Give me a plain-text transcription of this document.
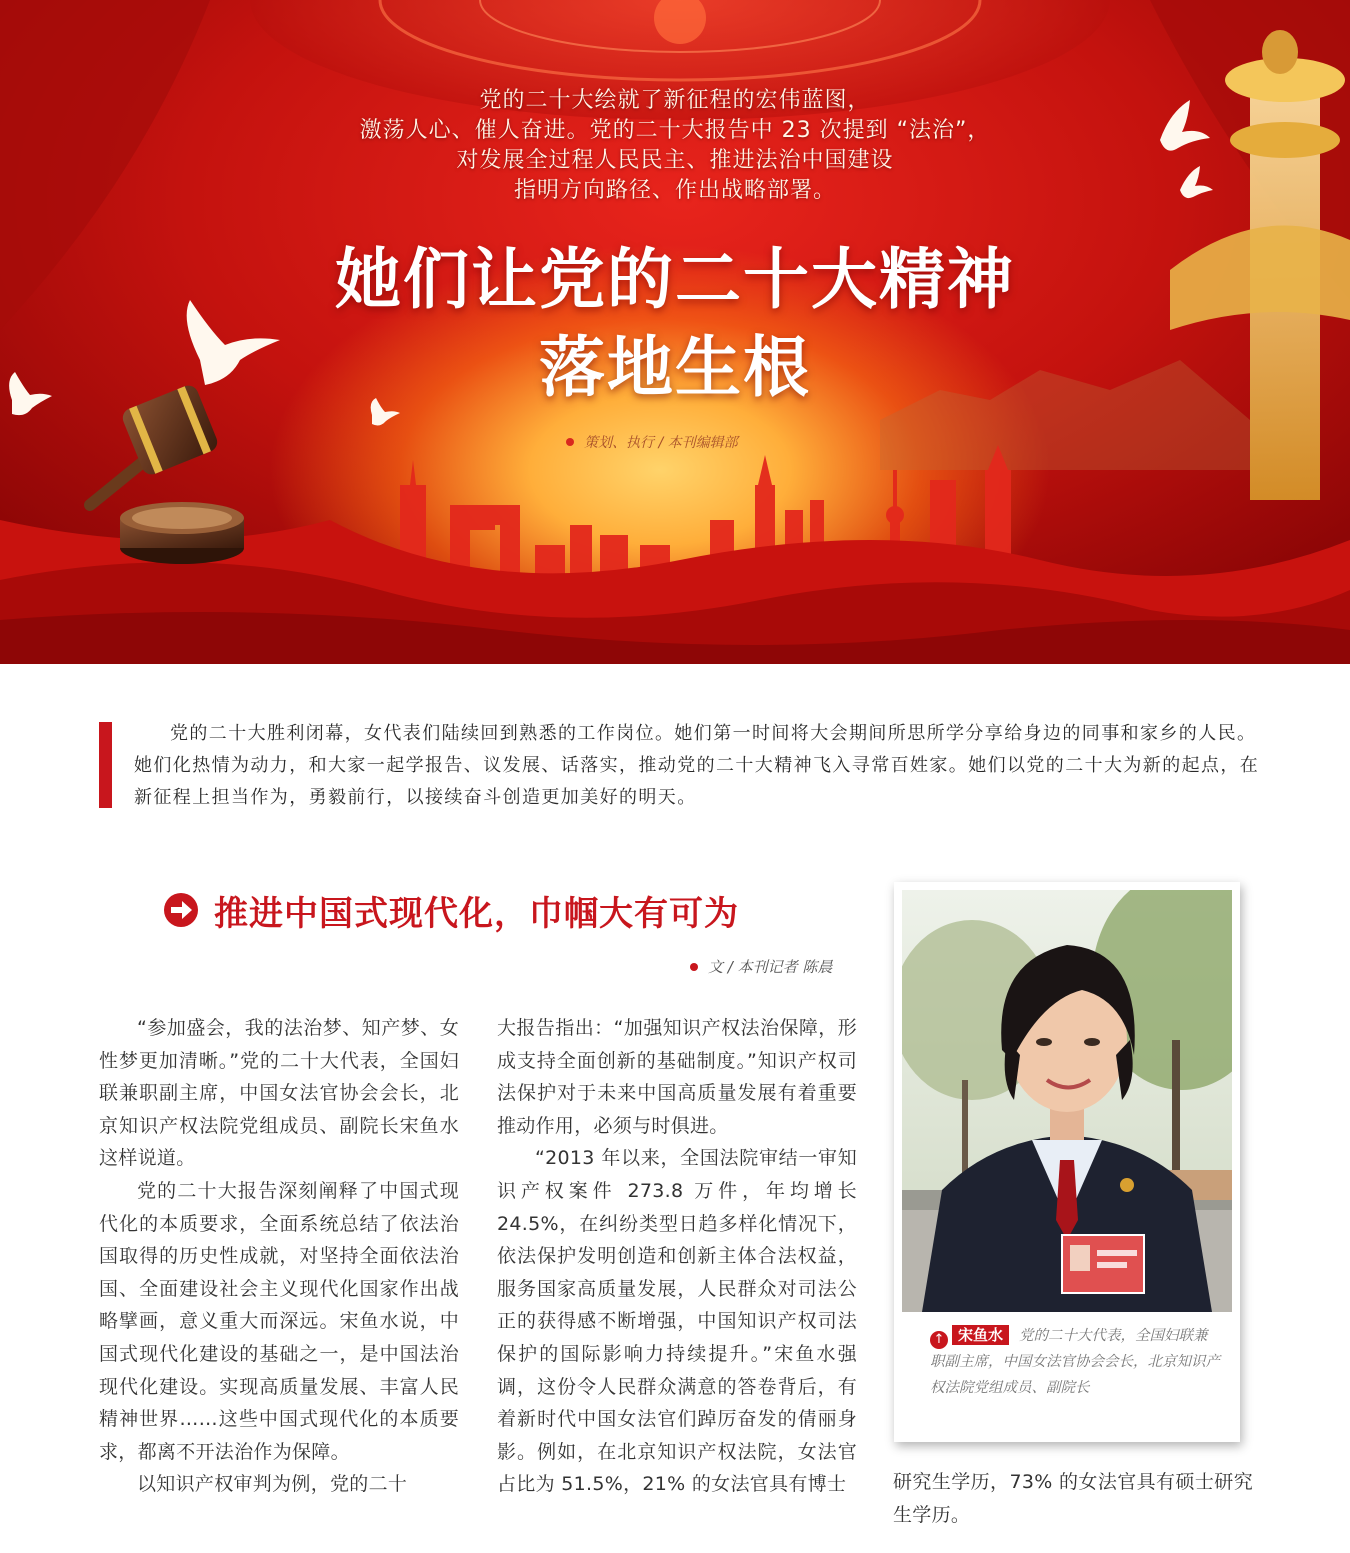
党的二十大绘就了新征程的宏伟蓝图，
激荡人心、催人奋进。党的二十大报告中 23 次提到 “法治”，
对发展全过程人民民主、推进法治中国建设
指明方向路径、作出战略部署。
她们让党的二十大精神
落地生根
策划、执行 / 本刊编辑部
党的二十大胜利闭幕，女代表们陆续回到熟悉的工作岗位。她们第一时间将大会期间所思所学分享给身边的同事和家乡的人民。她们化热情为动力，和大家一起学报告、议发展、话落实，推动党的二十大精神飞入寻常百姓家。她们以党的二十大为新的起点，在新征程上担当作为，勇毅前行，以接续奋斗创造更加美好的明天。
推进中国式现代化，巾帼大有可为
文 / 本刊记者 陈晨

“参加盛会，我的法治梦、知产梦、女性梦更加清晰。”党的二十大代表，全国妇联兼职副主席，中国女法官协会会长，北京知识产权法院党组成员、副院长宋鱼水这样说道。

党的二十大报告深刻阐释了中国式现代化的本质要求，全面系统总结了依法治国取得的历史性成就，对坚持全面依法治国、全面建设社会主义现代化国家作出战略擘画，意义重大而深远。宋鱼水说，中国式现代化建设的基础之一，是中国法治现代化建设。实现高质量发展、丰富人民精神世界……这些中国式现代化的本质要求，都离不开法治作为保障。

以知识产权审判为例，党的二十

大报告指出：“加强知识产权法治保障，形成支持全面创新的基础制度。”知识产权司法保护对于未来中国高质量发展有着重要推动作用，必须与时俱进。

“2013 年以来，全国法院审结一审知识产权案件 273.8 万件，年均增长 24.5%，在纠纷类型日趋多样化情况下，依法保护发明创造和创新主体合法权益，服务国家高质量发展，人民群众对司法公正的获得感不断增强，中国知识产权司法保护的国际影响力持续提升。”宋鱼水强调，这份令人民群众满意的答卷背后，有着新时代中国女法官们踔厉奋发的倩丽身影。例如，在北京知识产权法院，女法官占比为 51.5%，21% 的女法官具有博士	研究生学历，73% 的女法官具有硕士研究生学历。

↑ 宋鱼水 党的二十大代表，全国妇联兼职副主席，中国女法官协会会长，北京知识产权法院党组成员、副院长
